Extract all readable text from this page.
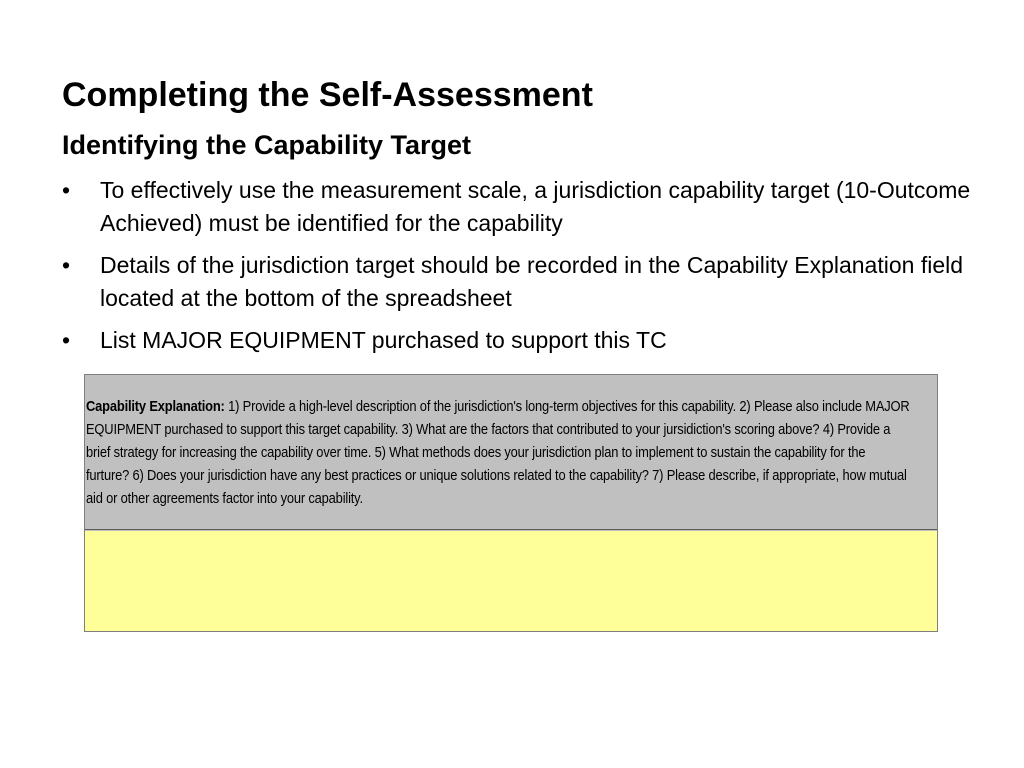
Completing the Self-Assessment
Identifying the Capability Target
• To effectively use the measurement scale, a jurisdiction capability target (10-Outcome Achieved) must be identified for the capability
• Details of the jurisdiction target should be recorded in the Capability Explanation field located at the bottom of the spreadsheet
• List MAJOR EQUIPMENT purchased to support this TC
Capability Explanation: 1) Provide a high-level description of the jurisdiction's long-term objectives for this capability. 2) Please also include MAJOR EQUIPMENT purchased to support this target capability. 3) What are the factors that contributed to your jursidiction's scoring above? 4) Provide a brief strategy for increasing the capability over time. 5) What methods does your jurisdiction plan to implement to sustain the capability for the furture? 6) Does your jurisdiction have any best practices or unique solutions related to the capability? 7) Please describe, if appropriate, how mutual aid or other agreements factor into your capability.
